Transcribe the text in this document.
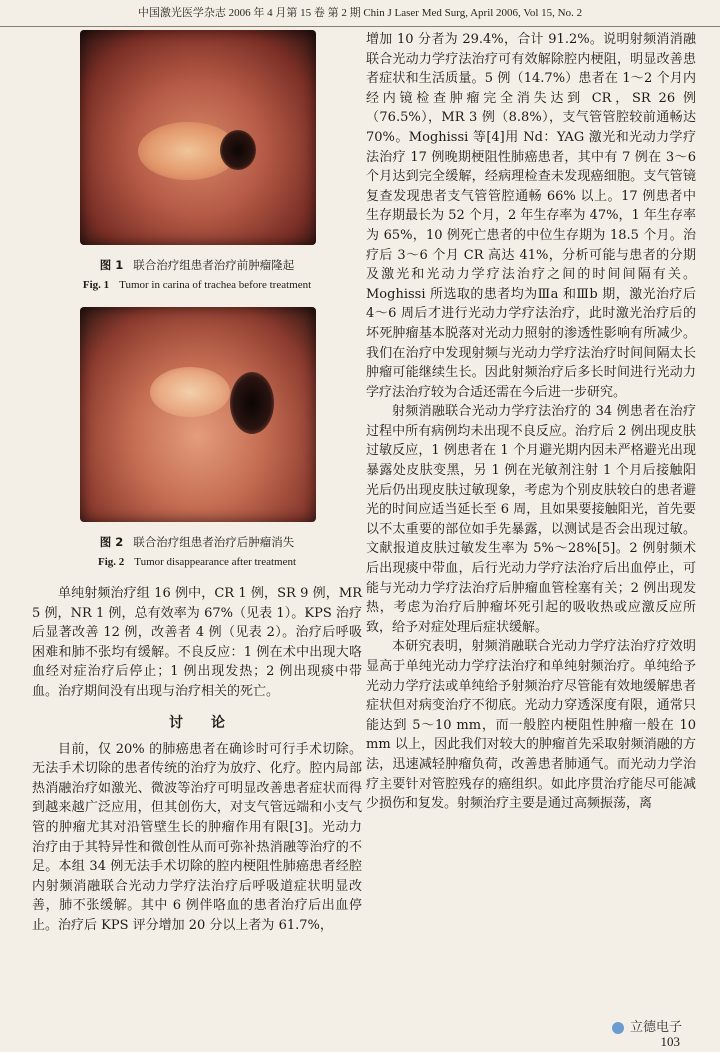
中国激光医学杂志 2006 年 4 月第 15 卷 第 2 期 Chin J Laser Med Surg, April 2006, Vol 15, No. 2
图 1 联合治疗组患者治疗前肿瘤隆起
Fig. 1 Tumor in carina of trachea before treatment
图 2 联合治疗组患者治疗后肿瘤消失
Fig. 2 Tumor disappearance after treatment

单纯射频治疗组 16 例中，CR 1 例，SR 9 例，MR 5 例，NR 1 例，总有效率为 67%（见表 1）。KPS 治疗后显著改善 12 例，改善者 4 例（见表 2）。治疗后呼吸困难和肺不张均有缓解。不良反应：1 例在术中出现大咯血经对症治疗后停止；1 例出现发热；2 例出现痰中带血。治疗期间没有出现与治疗相关的死亡。

讨论

目前，仅 20% 的肺癌患者在确诊时可行手术切除。无法手术切除的患者传统的治疗为放疗、化疗。腔内局部热消融治疗如激光、微波等治疗可明显改善患者症状而得到越来越广泛应用，但其创伤大，对支气管远端和小支气管的肿瘤尤其对沿管壁生长的肿瘤作用有限[3]。光动力治疗由于其特异性和微创性从而可弥补热消融等治疗的不足。本组 34 例无法手术切除的腔内梗阻性肺癌患者经腔内射频消融联合光动力学疗法治疗后呼吸道症状明显改善，肺不张缓解。其中 6 例伴咯血的患者治疗后出血停止。治疗后 KPS 评分增加 20 分以上者为 61.7%，

增加 10 分者为 29.4%，合计 91.2%。说明射频消消融联合光动力学疗法治疗可有效解除腔内梗阻，明显改善患者症状和生活质量。5 例（14.7%）患者在 1～2 个月内经内镜检查肿瘤完全消失达到 CR，SR 26 例（76.5%），MR 3 例（8.8%），支气管管腔较前通畅达 70%。Moghissi 等[4]用 Nd：YAG 激光和光动力学疗法治疗 17 例晚期梗阻性肺癌患者，其中有 7 例在 3～6 个月达到完全缓解，经病理检查未发现癌细胞。支气管镜复查发现患者支气管管腔通畅 66% 以上。17 例患者中生存期最长为 52 个月，2 年生存率为 47%，1 年生存率为 65%，10 例死亡患者的中位生存期为 18.5 个月。治疗后 3～6 个月 CR 高达 41%，分析可能与患者的分期及激光和光动力学疗法治疗之间的时间间隔有关。Moghissi 所选取的患者均为Ⅲa 和Ⅲb 期，激光治疗后 4～6 周后才进行光动力学疗法治疗，此时激光治疗后的坏死肿瘤基本脱落对光动力照射的渗透性影响有所减少。我们在治疗中发现射频与光动力学疗法治疗时间间隔太长肿瘤可能继续生长。因此射频治疗后多长时间进行光动力学疗法治疗较为合适还需在今后进一步研究。

射频消融联合光动力学疗法治疗的 34 例患者在治疗过程中所有病例均未出现不良反应。治疗后 2 例出现皮肤过敏反应，1 例患者在 1 个月避光期内因未严格避光出现暴露处皮肤变黑，另 1 例在光敏剂注射 1 个月后接触阳光后仍出现皮肤过敏现象，考虑为个别皮肤较白的患者避光的时间应适当延长至 6 周，且如果要接触阳光，首先要以不太重要的部位如手先暴露，以测试是否会出现过敏。文献报道皮肤过敏发生率为 5%～28%[5]。2 例射频术后出现痰中带血，后行光动力学疗法治疗后出血停止，可能与光动力学疗法治疗后肿瘤血管栓塞有关；2 例出现发热，考虑为治疗后肿瘤坏死引起的吸收热或应激反应所致，给予对症处理后症状缓解。

本研究表明，射频消融联合光动力学疗法治疗疗效明显高于单纯光动力学疗法治疗和单纯射频治疗。单纯给予光动力学疗法或单纯给予射频治疗尽管能有效地缓解患者症状但对病变治疗不彻底。光动力穿透深度有限，通常只能达到 5～10 mm，而一般腔内梗阻性肿瘤一般在 10 mm 以上，因此我们对较大的肿瘤首先采取射频消融的方法，迅速减轻肿瘤负荷，改善患者肺通气。而光动力学治疗主要针对管腔残存的癌组织。如此序贯治疗能尽可能减少损伤和复发。射频治疗主要是通过高频振荡，离

立德电子
103
